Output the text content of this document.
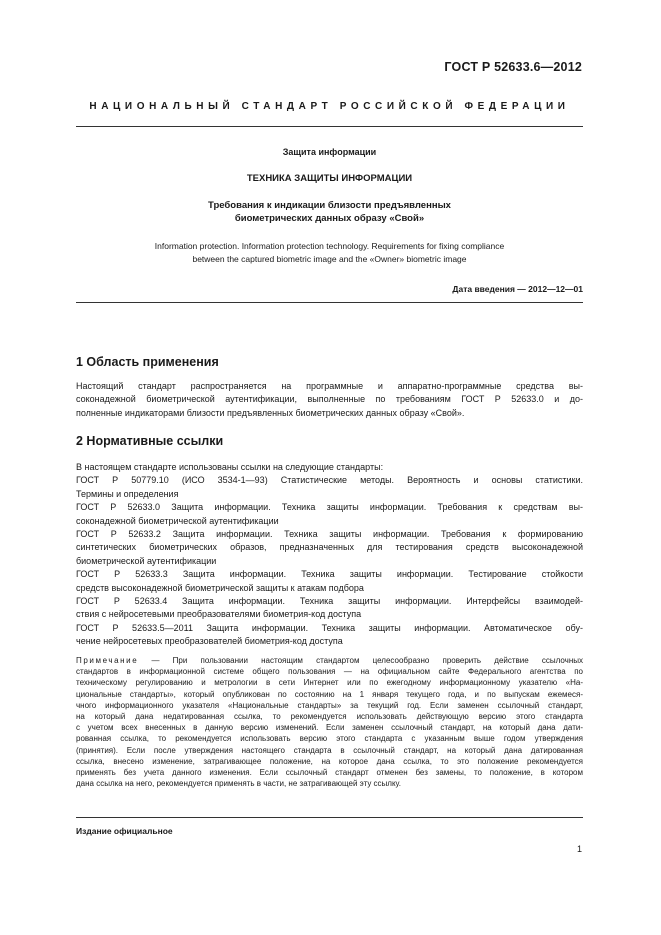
ГОСТ Р 52633.6—2012
НАЦИОНАЛЬНЫЙ СТАНДАРТ РОССИЙСКОЙ ФЕДЕРАЦИИ
Защита информации
ТЕХНИКА ЗАЩИТЫ ИНФОРМАЦИИ
Требования к индикации близости предъявленных
биометрических данных образу «Свой»
Information protection. Information protection technology. Requirements for fixing compliance
between the captured biometric image and the «Owner» biometric image
Дата введения — 2012—12—01
1 Область применения
Настоящий стандарт распространяется на программные и аппаратно-программные средства вы-
соконадежной биометрической аутентификации, выполненные по требованиям ГОСТ Р 52633.0 и до-
полненные индикаторами близости предъявленных биометрических данных образу «Свой».
2 Нормативные ссылки
В настоящем стандарте использованы ссылки на следующие стандарты:
ГОСТ Р 50779.10 (ИСО 3534-1—93) Статистические методы. Вероятность и основы статистики.
Термины и определения
ГОСТ Р 52633.0 Защита информации. Техника защиты информации. Требования к средствам вы-
соконадежной биометрической аутентификации
ГОСТ Р 52633.2 Защита информации. Техника защиты информации. Требования к формированию
синтетических биометрических образов, предназначенных для тестирования средств высоконадежной
биометрической аутентификации
ГОСТ Р 52633.3 Защита информации. Техника защиты информации. Тестирование стойкости
средств высоконадежной биометрической защиты к атакам подбора
ГОСТ Р 52633.4 Защита информации. Техника защиты информации. Интерфейсы взаимодей-
ствия с нейросетевыми преобразователями биометрия-код доступа
ГОСТ Р 52633.5—2011 Защита информации. Техника защиты информации. Автоматическое обу-
чение нейросетевых преобразователей биометрия-код доступа
Примечание — При пользовании настоящим стандартом целесообразно проверить действие ссылочных
стандартов в информационной системе общего пользования — на официальном сайте Федерального агентства по
техническому регулированию и метрологии в сети Интернет или по ежегодному информационному указателю «На-
циональные стандарты», который опубликован по состоянию на 1 января текущего года, и по выпускам ежемеся-
чного информационного указателя «Национальные стандарты» за текущий год. Если заменен ссылочный стандарт,
на который дана недатированная ссылка, то рекомендуется использовать действующую версию этого стандарта
с учетом всех внесенных в данную версию изменений. Если заменен ссылочный стандарт, на который дана дати-
рованная ссылка, то рекомендуется использовать версию этого стандарта с указанным выше годом утверждения
(принятия). Если после утверждения настоящего стандарта в ссылочный стандарт, на который дана датированная
ссылка, внесено изменение, затрагивающее положение, на которое дана ссылка, то это положение рекомендуется
применять без учета данного изменения. Если ссылочный стандарт отменен без замены, то положение, в котором
дана ссылка на него, рекомендуется применять в части, не затрагивающей эту ссылку.
Издание официальное
1
